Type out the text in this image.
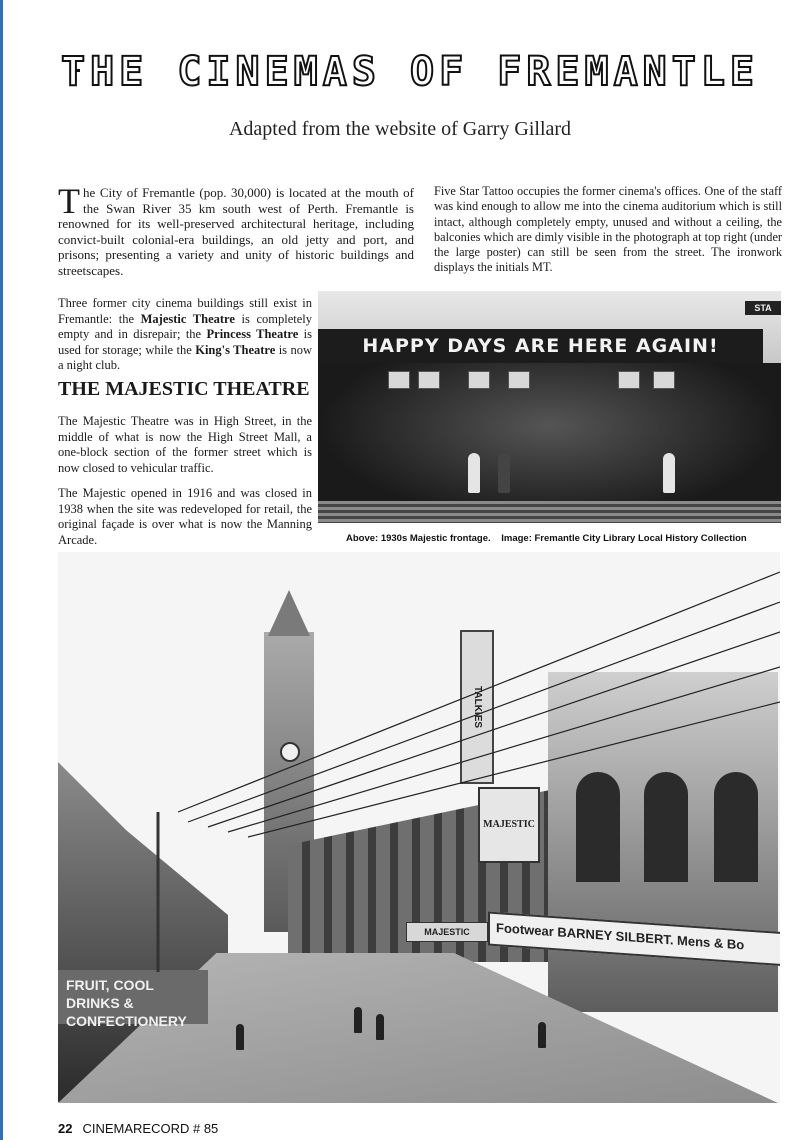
THE CINEMAS OF FREMANTLE
Adapted from the website of Garry Gillard

The City of Fremantle (pop. 30,000) is located at the mouth of the Swan River 35 km south west of Perth. Fremantle is renowned for its well-preserved architectural heritage, including convict-built colonial-era buildings, an old jetty and port, and prisons; presenting a variety and unity of historic buildings and streetscapes.

Five Star Tattoo occupies the former cinema's offices. One of the staff was kind enough to allow me into the cinema auditorium which is still intact, although completely empty, unused and without a ceiling, the balconies which are dimly visible in the photograph at top right (under the large poster) can still be seen from the street. The ironwork displays the initials MT.

Three former city cinema buildings still exist in Fremantle: the Majestic Theatre is completely empty and in disrepair; the Princess Theatre is used for storage; while the King's Theatre is now a night club.

THE MAJESTIC THEATRE

The Majestic Theatre was in High Street, in the middle of what is now the High Street Mall, a one-block section of the former street which is now closed to vehicular traffic.

The Majestic opened in 1916 and was closed in 1938 when the site was redeveloped for retail, the original façade is over what is now the Manning Arcade.

STA
HAPPY DAYS ARE HERE AGAIN!

Above: 1930s Majestic frontage. Image: Fremantle City Library Local History Collection

TALKIES
MAJESTIC
MAJESTIC	Footwear BARNEY SILBERT. Mens & Bo
FRUIT, COOL DRINKS & CONFECTIONERY
22 CINEMARECORD # 85
